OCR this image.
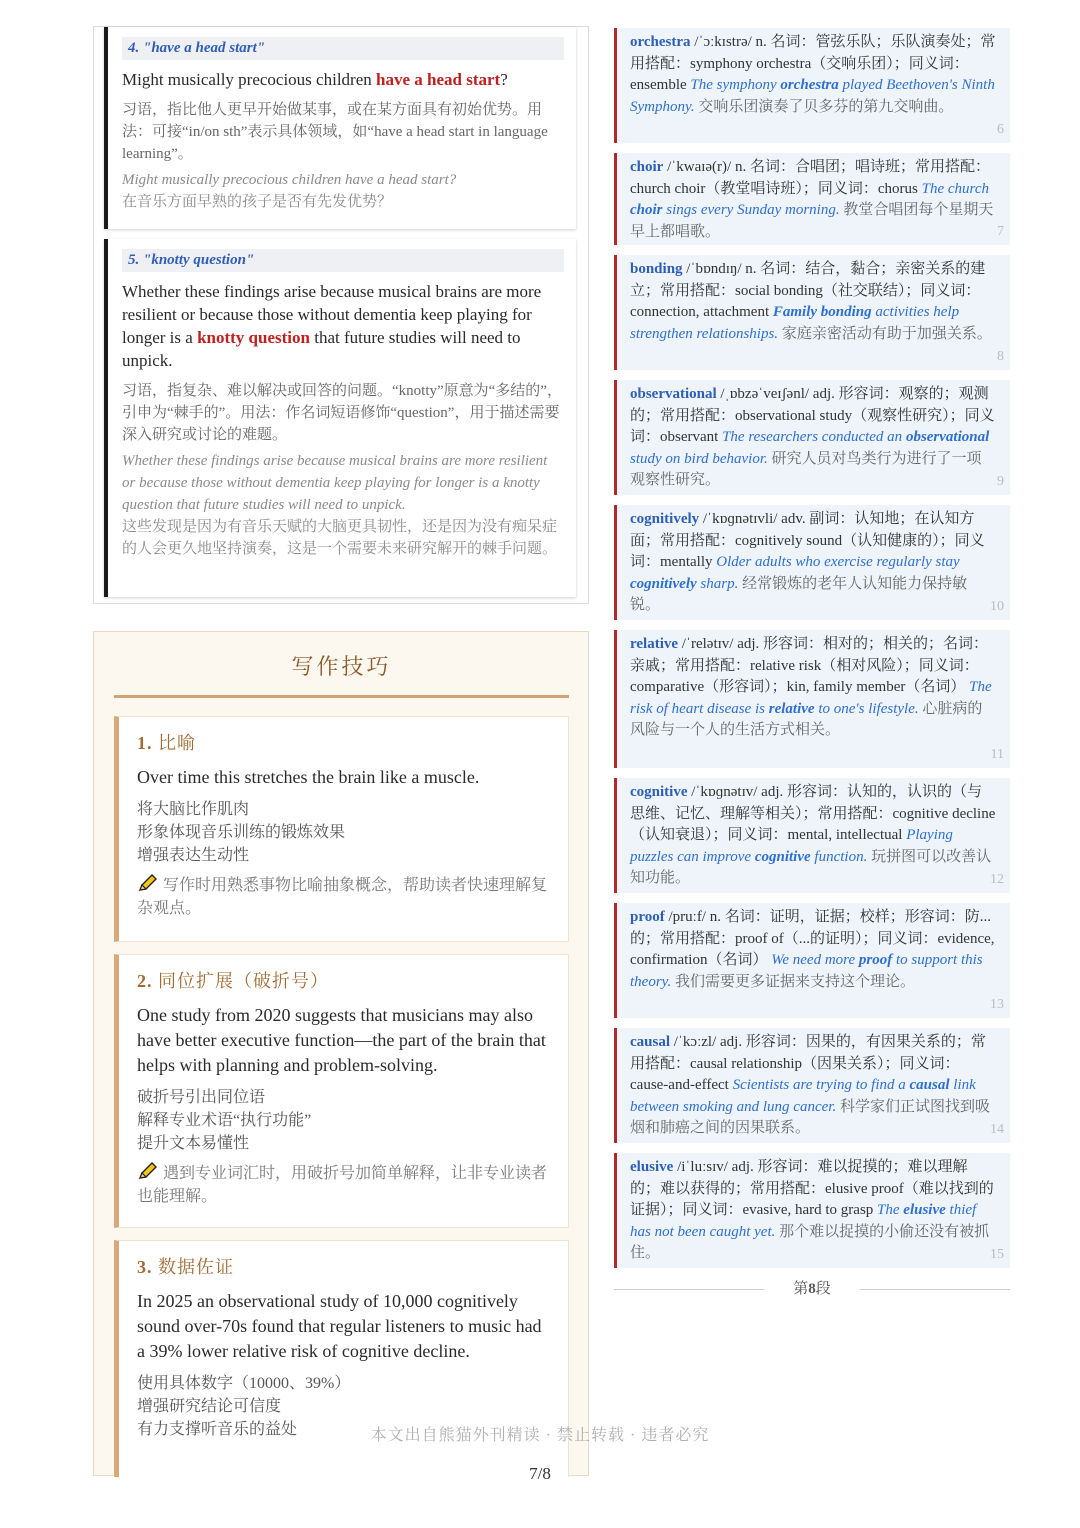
4. "have a head start"
Might musically precocious children have a head start?
习语，指比他人更早开始做某事，或在某方面具有初始优势。用法：可接“in/on sth”表示具体领域，如“have a head start in language learning”。
Might musically precocious children have a head start?
在音乐方面早熟的孩子是否有先发优势？
5. "knotty question"
Whether these findings arise because musical brains are more resilient or because those without dementia keep playing for longer is a knotty question that future studies will need to unpick.
习语，指复杂、难以解决或回答的问题。“knotty”原意为“多结的”，引申为“棘手的”。用法：作名词短语修饰“question”，用于描述需要深入研究或讨论的难题。
Whether these findings arise because musical brains are more resilient or because those without dementia keep playing for longer is a knotty question that future studies will need to unpick.
这些发现是因为有音乐天赋的大脑更具韧性，还是因为没有痴呆症的人会更久地坚持演奏，这是一个需要未来研究解开的棘手问题。
写作技巧
1. 比喻
Over time this stretches the brain like a muscle.
将大脑比作肌肉
形象体现音乐训练的锻炼效果
增强表达生动性
写作时用熟悉事物比喻抽象概念，帮助读者快速理解复杂观点。
2. 同位扩展（破折号）
One study from 2020 suggests that musicians may also have better executive function—the part of the brain that helps with planning and problem-solving.
破折号引出同位语
解释专业术语“执行功能”
提升文本易懂性
遇到专业词汇时，用破折号加简单解释，让非专业读者也能理解。
3. 数据佐证
In 2025 an observational study of 10,000 cognitively sound over-70s found that regular listeners to music had a 39% lower relative risk of cognitive decline.
使用具体数字（10000、39%）
增强研究结论可信度
有力支撑听音乐的益处
orchestra /ˈɔːkɪstrə/ n. 名词：管弦乐队；乐队演奏处；常用搭配：symphony orchestra（交响乐团）；同义词：ensemble The symphony orchestra played Beethoven's Ninth Symphony. 交响乐团演奏了贝多芬的第九交响曲。
6
choir /ˈkwaɪə(r)/ n. 名词：合唱团；唱诗班；常用搭配：church choir（教堂唱诗班）；同义词：chorus The church choir sings every Sunday morning. 教堂合唱团每个星期天早上都唱歌。	7
bonding /ˈbɒndɪŋ/ n. 名词：结合，黏合；亲密关系的建立；常用搭配：social bonding（社交联结）；同义词：connection, attachment Family bonding activities help strengthen relationships. 家庭亲密活动有助于加强关系。
8
observational /ˌɒbzəˈveɪʃənl/ adj. 形容词：观察的；观测的；常用搭配：observational study（观察性研究）；同义词：observant The researchers conducted an observational study on bird behavior. 研究人员对鸟类行为进行了一项观察性研究。	9
cognitively /ˈkɒɡnətɪvli/ adv. 副词：认知地；在认知方面；常用搭配：cognitively sound（认知健康的）；同义词：mentally Older adults who exercise regularly stay cognitively sharp. 经常锻炼的老年人认知能力保持敏锐。	10
relative /ˈrelətɪv/ adj. 形容词：相对的；相关的；名词：亲戚；常用搭配：relative risk（相对风险）；同义词：comparative（形容词）；kin, family member（名词） The risk of heart disease is relative to one's lifestyle. 心脏病的风险与一个人的生活方式相关。
11
cognitive /ˈkɒɡnətɪv/ adj. 形容词：认知的，认识的（与思维、记忆、理解等相关）；常用搭配：cognitive decline（认知衰退）；同义词：mental, intellectual Playing puzzles can improve cognitive function. 玩拼图可以改善认知功能。	12
proof /pruːf/ n. 名词：证明，证据；校样；形容词：防...的；常用搭配：proof of（...的证明）；同义词：evidence, confirmation（名词） We need more proof to support this theory. 我们需要更多证据来支持这个理论。
13
causal /ˈkɔːzl/ adj. 形容词：因果的，有因果关系的；常用搭配：causal relationship（因果关系）；同义词：cause-and-effect Scientists are trying to find a causal link between smoking and lung cancer. 科学家们正试图找到吸烟和肺癌之间的因果联系。	14
elusive /iˈluːsɪv/ adj. 形容词：难以捉摸的；难以理解的；难以获得的；常用搭配：elusive proof（难以找到的证据）；同义词：evasive, hard to grasp The elusive thief has not been caught yet. 那个难以捉摸的小偷还没有被抓住。	15
第8段
本文出自熊猫外刊精读 · 禁止转载 · 违者必究
7/8
